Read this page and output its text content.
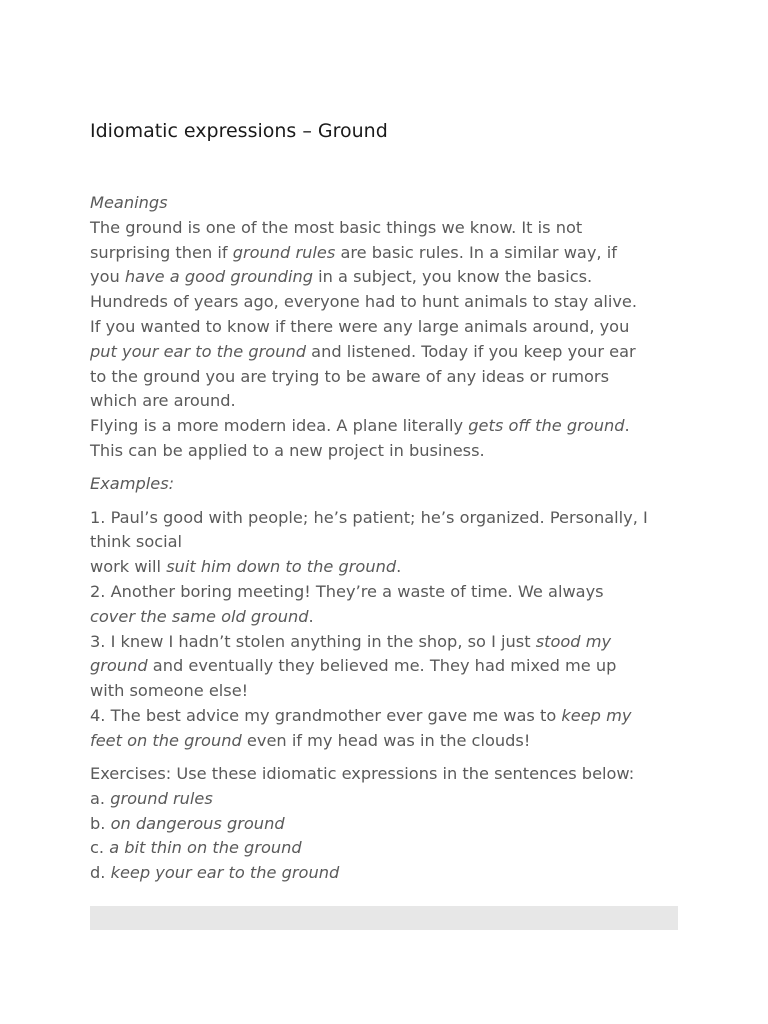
Idiomatic expressions – Ground
Meanings
The ground is one of the most basic things we know. It is not
surprising then if ground rules are basic rules. In a similar way, if
you have a good grounding in a subject, you know the basics.
Hundreds of years ago, everyone had to hunt animals to stay alive.
If you wanted to know if there were any large animals around, you
put your ear to the ground and listened. Today if you keep your ear
to the ground you are trying to be aware of any ideas or rumors
which are around.
Flying is a more modern idea. A plane literally gets off the ground.
This can be applied to a new project in business.
Examples:
1. Paul’s good with people; he’s patient; he’s organized. Personally, I
think social
work will suit him down to the ground.
2. Another boring meeting! They’re a waste of time. We always
cover the same old ground.
3. I knew I hadn’t stolen anything in the shop, so I just stood my
ground and eventually they believed me. They had mixed me up
with someone else!
4. The best advice my grandmother ever gave me was to keep my
feet on the ground even if my head was in the clouds!
Exercises: Use these idiomatic expressions in the sentences below:
a. ground rules
b. on dangerous ground
c. a bit thin on the ground
d. keep your ear to the ground
